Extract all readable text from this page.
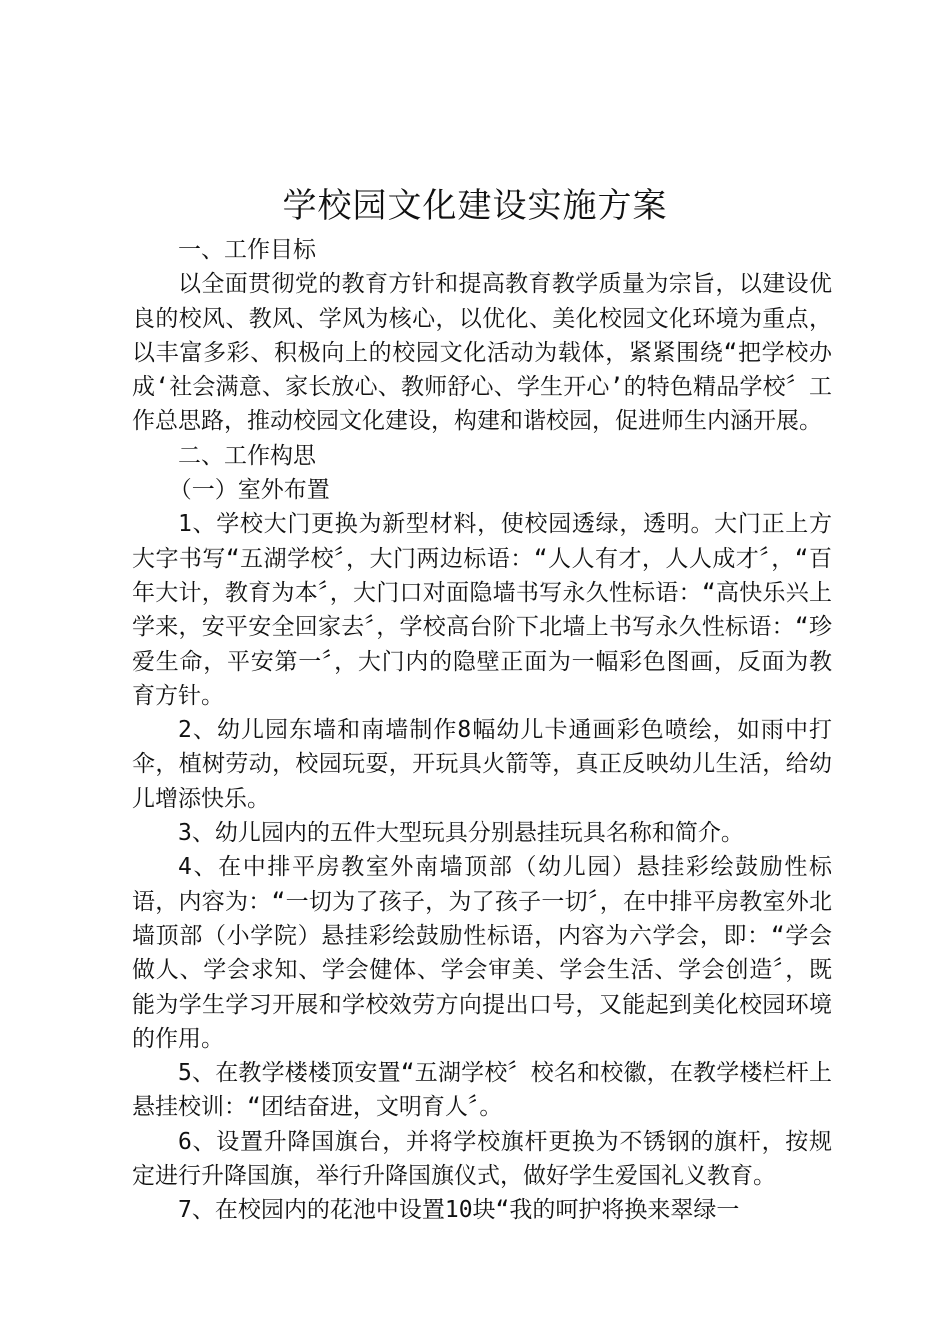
学校园文化建设实施方案

一、工作目标

以全面贯彻党的教育方针和提高教育教学质量为宗旨，以建设优良的校风、教风、学风为核心，以优化、美化校园文化环境为重点，以丰富多彩、积极向上的校园文化活动为载体，紧紧围绕“把学校办成‘社会满意、家长放心、教师舒心、学生开心’的特色精品学校〞工作总思路，推动校园文化建设，构建和谐校园，促进师生内涵开展。

二、工作构思

（一）室外布置

1、学校大门更换为新型材料，使校园透绿，透明。大门正上方大字书写“五湖学校〞，大门两边标语：“人人有才，人人成才〞，“百年大计，教育为本〞，大门口对面隐墙书写永久性标语：“高快乐兴上学来，安平安全回家去〞，学校高台阶下北墙上书写永久性标语：“珍爱生命，平安第一〞，大门内的隐壁正面为一幅彩色图画，反面为教育方针。

2、幼儿园东墙和南墙制作8幅幼儿卡通画彩色喷绘，如雨中打伞，植树劳动，校园玩耍，开玩具火箭等，真正反映幼儿生活，给幼儿增添快乐。

3、幼儿园内的五件大型玩具分别悬挂玩具名称和简介。

4、在中排平房教室外南墙顶部（幼儿园）悬挂彩绘鼓励性标语，内容为：“一切为了孩子，为了孩子一切〞，在中排平房教室外北墙顶部（小学院）悬挂彩绘鼓励性标语，内容为六学会，即：“学会做人、学会求知、学会健体、学会审美、学会生活、学会创造〞，既能为学生学习开展和学校效劳方向提出口号，又能起到美化校园环境的作用。

5、在教学楼楼顶安置“五湖学校〞校名和校徽，在教学楼栏杆上悬挂校训：“团结奋进，文明育人〞。

6、设置升降国旗台，并将学校旗杆更换为不锈钢的旗杆，按规定进行升降国旗，举行升降国旗仪式，做好学生爱国礼义教育。

7、在校园内的花池中设置10块“我的呵护将换来翠绿一
